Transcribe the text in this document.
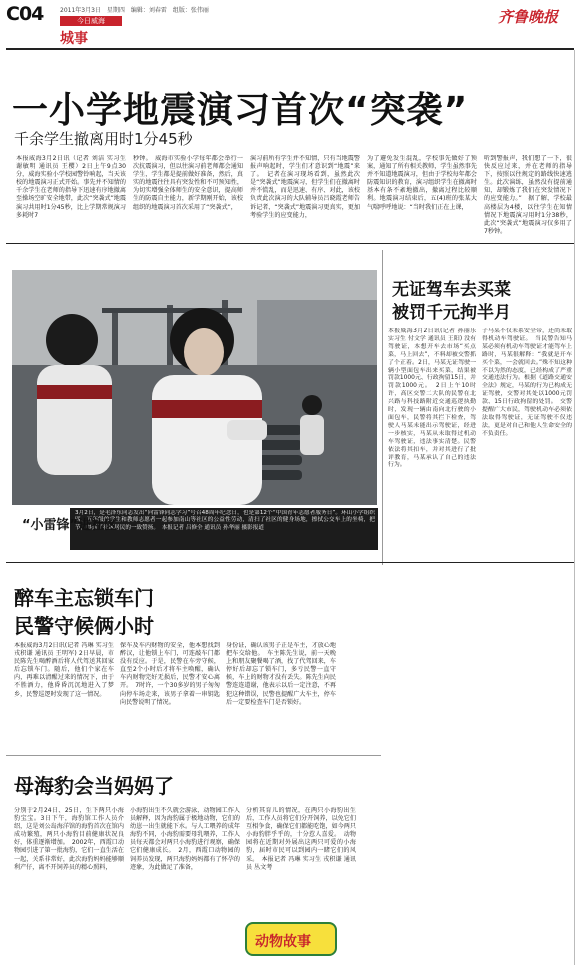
C04	2011年3月3日　星期四　编辑：刘春雷　组版：张伟丽
今日威海
城事
齐鲁晚报
一小学地震演习首次“突袭”
千余学生撤离用时1分45秒
本报威海3月2日讯（记者 刘洁 实习生 谢敏明 通讯员 王樱）2日上午9点30分，威海实验小学校园警铃响起，当天该校的地震演习正式开始。事先并不知情的千余学生在老师的指导下迅速有序地撤离至操场空旷安全地带，此次“突袭式”地震演习共用时1分45秒，比上学期常规演习多耗时7
秒钟。　威海市实验小学每年都会举行一次抗震演习，但以往演习前老师都会通知学生，学生都是提前做好准备，然后，真实的地震往往具有突发性和不可预知性，为切实增强全体师生的安全意识，提高师生的防震自主能力，新学期刚开始，该校组织的地震演习首次采用了“突袭式”，
演习前所有学生并不知情，只有当地震警报声响起时，学生们才意识到“地震”来了。　记者在演习现场看到，虽然此次是“突袭式”地震演习，但学生们在撤离时并不慌乱，而是迅速、有序、对此，该校负责此次演习的大队辅导员吕晓霞老师告诉记者，“突袭式”地震演习更真实，更加考验学生的应变能力，
为了避免发生混乱，学校事先做好了预案，通知了所有相关教师，学生虽然事先并不知道地震演习，但由于学校每年都会防震知识的教育，演习组织学生在撤离时基本有条不紊地撤出，撤离过程比较顺利。地震演习结束后，五(4)班的张某大气喘呼呼地说：“当时我们正在上课，
听到警报声，我们想了一下，很快反应过来，并在老师的指导下，按照以往规定的路线快速逃生。此次演练，虽然没有提前通知，却锻炼了我们在突发情况下的应变能力。”　据了解，学校最高楼层为4楼，以往学生在知情情况下地震演习用时1分38秒，此次“突袭式”地震演习仅多用了7秒钟。
3月2日，是毛泽东同志发出“向雷锋同志学习”号召48周年纪念日，也是第12个“中国青年志愿者服务日”。环山小学组织四、五年级的学生和教师志愿者一起参加南山等社区的公益性劳动，清扫了社区的健身场地，擦拭公交车上的坐椅，把节，得到了社区居民的一致赞扬。　本报记者 吕修全 通讯员 孙华丽 摄影报道
“小雷锋”进社区
无证驾车去买菜
被罚千元拘半月
本报威海3月2日讯(记者 孙丽乐 实习生 付文学 通讯员 王阳) 没有驾驶证，本想开车去市场“买点菜，马上回去”，不料却被交警抓了个正着。2日，马某无证驾驶一辆小型面包车出来买菜，结果被罚款1000元、行政拘留15日，并罚款1000元。　2日上午10时许，高区交警二大队的民警在北兴路与科技路附近交通巡逻执勤时，发现一辆由南向北行驶的小面包车，民警将其拦下检查，驾驶人马某未能出示驾驶证，经进一步核实，马某从未取得过机动车驾驶证，违法事实清楚。民警依法将其扣车，并对其进行了批评教育，马某承认了自己的违法行为。
子马某不仅未系安全带，还尚未取得机动车驾驶证。　当民警告知马某必须有机动车驾驶证才能驾车上路时，马某很解释：“我就是开车买个菜，一会就回去。”殊不知这种不以为然的态度，已经构成了严重交通违法行为。根据《道路交通安全法》规定，马某的行为已构成无证驾驶，交警对其处以1000元罚款、15日行政拘留的处罚。　交警提醒广大市民，驾驶机动车必须依法取得驾驶证，无证驾驶不仅违法，更是对自己和他人生命安全的不负责任。
醉车主忘锁车门
民警守候俩小时
本报威海3月2日讯(记者 冯琳 实习生 戎积谦 通讯员 王明军) 2日早晨，市民陈先生喝醉酒后将人代驾送其回家后忘锁车门。随后，他们个家在车内，再难以清醒过来的情况下，由于不胜酒力，他昏昏沉沉地进入了梦乡，民警巡逻时发现了这一情况。
保车及车内财物的安全，他本想找到醉汉，让他锁上车门，可连敲车门都没有反应。于是，民警在车旁守候，直至2个小时后才将车主唤醒，确认车内财物完好无损后，民警才安心离开。　7时许，一个30多岁的男子匆匆向停车场走来，该男子拿着一串钥匙向民警说明了情况。
身份证，确认该男子正是车主，才放心地把车交给他。　车主陈先生说，前一天晚上和朋友聚餐喝了酒，找了代驾回来，车停好后却忘了锁车门，多亏民警一直守候，车上的财物才没有丢失。陈先生向民警连连道谢，他表示以后一定注意，不再犯这种错误，民警也提醒广大车主，停车后一定要检查车门是否锁好。
母海豹会当妈妈了
分别于2月24日、25日，生下两只小海豹宝宝。3日下午，海豹馆工作人员介绍，这是刘公岛海洋馆的海豹首次在馆内成功繁殖，两只小海豹目前健康状况良好，体重逐渐增加。　2002年，西霞口动物园引进了第一批海豹，它们一直生活在一起，关系非常好，此次海豹妈妈能够顺利产仔，离不开饲养员的精心照料，
小海豹出生不久就会游泳，动物园工作人员解释，因为海豹属于极地动物，它们的幼崽一出生就能下水。与人工喂养的成年海豹不同，小海豹需要母乳喂养，工作人员每天都会对两只小海豹进行观察，确保它们健康成长。　2月，西霞口动物园的饲养员发现，两只海豹妈妈都有了怀孕的迹象，为此做足了准备，
分析其育儿的情况，在两只小海豹出生后，工作人员将它们分开饲养，以免它们互相争食，确保它们都能吃饱，如今两只小海豹胖乎乎的，十分惹人喜爱。　动物园将在近期对外展出这两只可爱的小海豹，届时市民可以到园内一睹它们的风采。　本报记者 冯琳 实习生 戎积谦 通讯员 丛文考
动物故事
